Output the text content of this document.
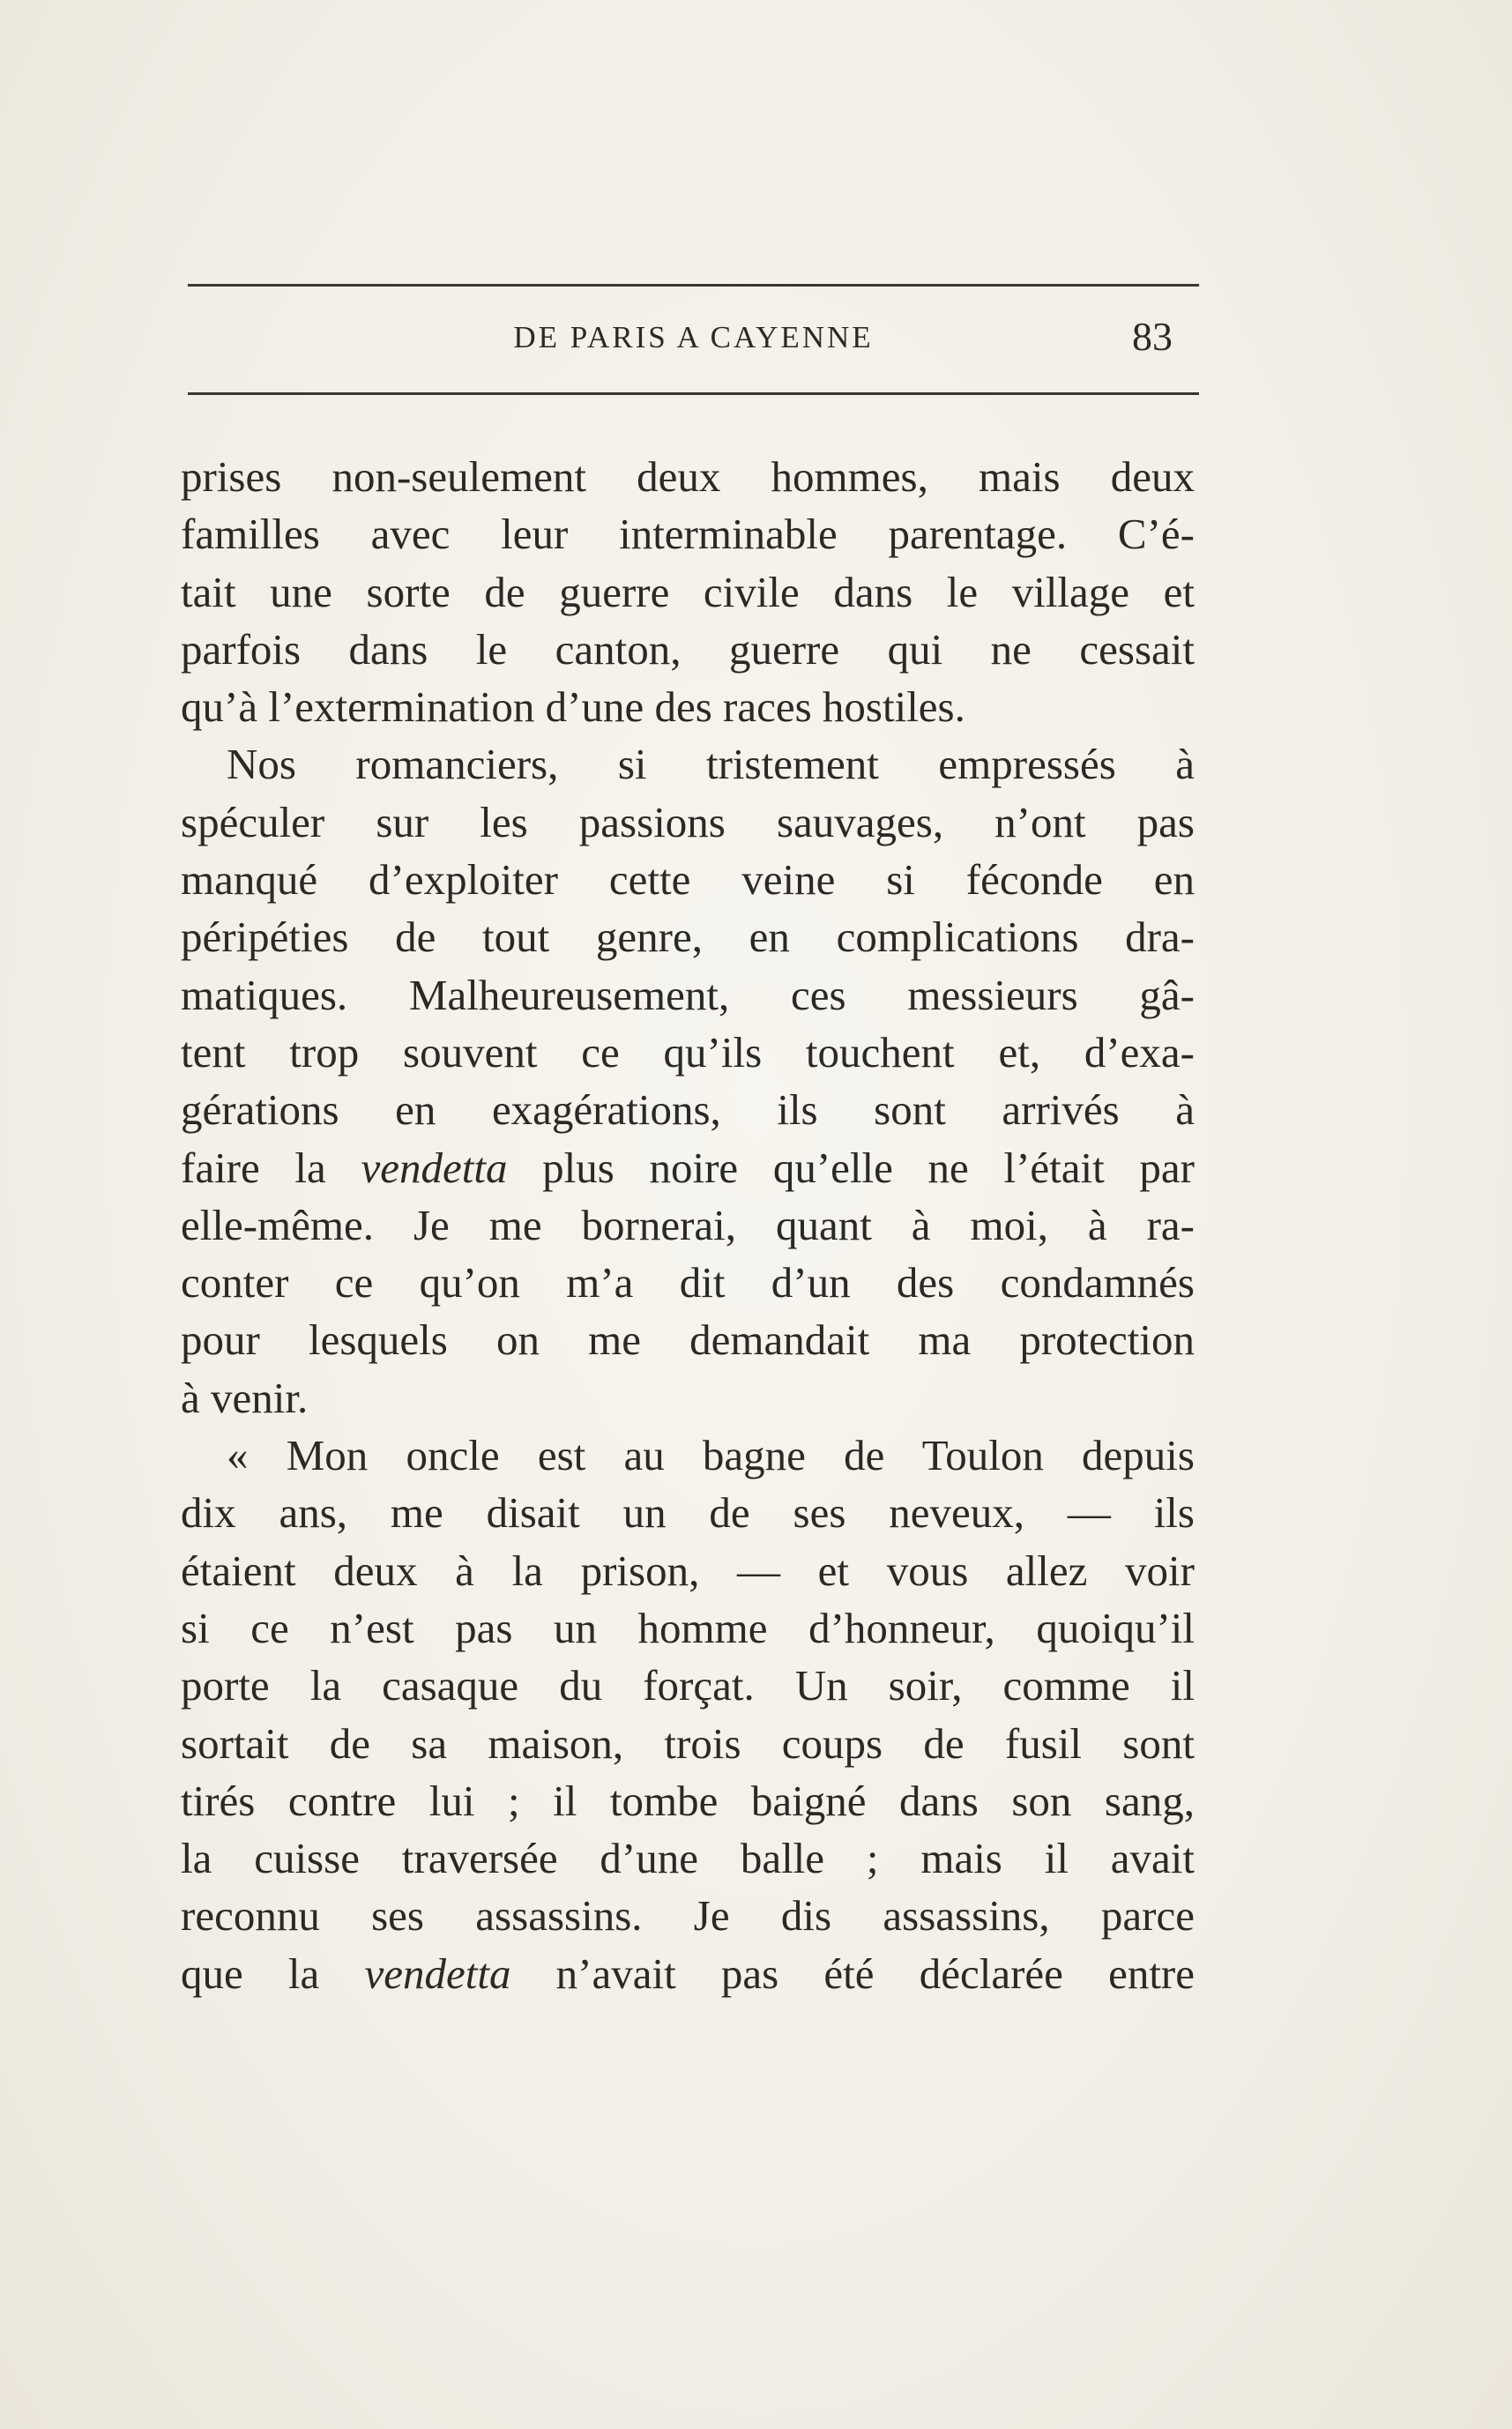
DE PARIS A CAYENNE	83
prises non-seulement deux hommes, mais deux
familles avec leur interminable parentage. C’é-
tait une sorte de guerre civile dans le village et
parfois dans le canton, guerre qui ne cessait
qu’à l’extermination d’une des races hostiles.
Nos romanciers, si tristement empressés à
spéculer sur les passions sauvages, n’ont pas
manqué d’exploiter cette veine si féconde en
péripéties de tout genre, en complications dra-
matiques. Malheureusement, ces messieurs gâ-
tent trop souvent ce qu’ils touchent et, d’exa-
gérations en exagérations, ils sont arrivés à
faire la vendetta plus noire qu’elle ne l’était par
elle-même. Je me bornerai, quant à moi, à ra-
conter ce qu’on m’a dit d’un des condamnés
pour lesquels on me demandait ma protection
à venir.
« Mon oncle est au bagne de Toulon depuis
dix ans, me disait un de ses neveux, — ils
étaient deux à la prison, — et vous allez voir
si ce n’est pas un homme d’honneur, quoiqu’il
porte la casaque du forçat. Un soir, comme il
sortait de sa maison, trois coups de fusil sont
tirés contre lui ; il tombe baigné dans son sang,
la cuisse traversée d’une balle ; mais il avait
reconnu ses assassins. Je dis assassins, parce
que la vendetta n’avait pas été déclarée entre
